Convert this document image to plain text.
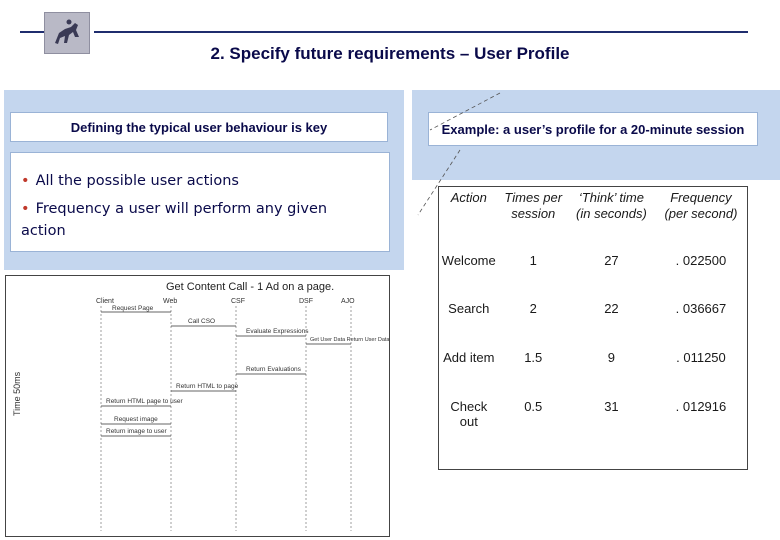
2. Specify future requirements – User Profile
Defining the typical user behaviour is key
• All the possible user actions
• Frequency a user will perform any given action
Get Content Call - 1 Ad on a page.
Time 50ms
Client	Web	CSF	DSF	AJO
Request Page
Call CSO
Evaluate Expressions
Get User Data Return User Data
Return Evaluations
Return HTML to page
Return HTML page to user
Request image
Return image to user
Example: a user’s profile for a 20-minute session
Action	Times per session	‘Think’ time (in seconds)	Frequency (per second)
Welcome	1	27	. 022500
Search	2	22	. 036667
Add item	1.5	9	. 011250
Check out	0.5	31	. 012916
